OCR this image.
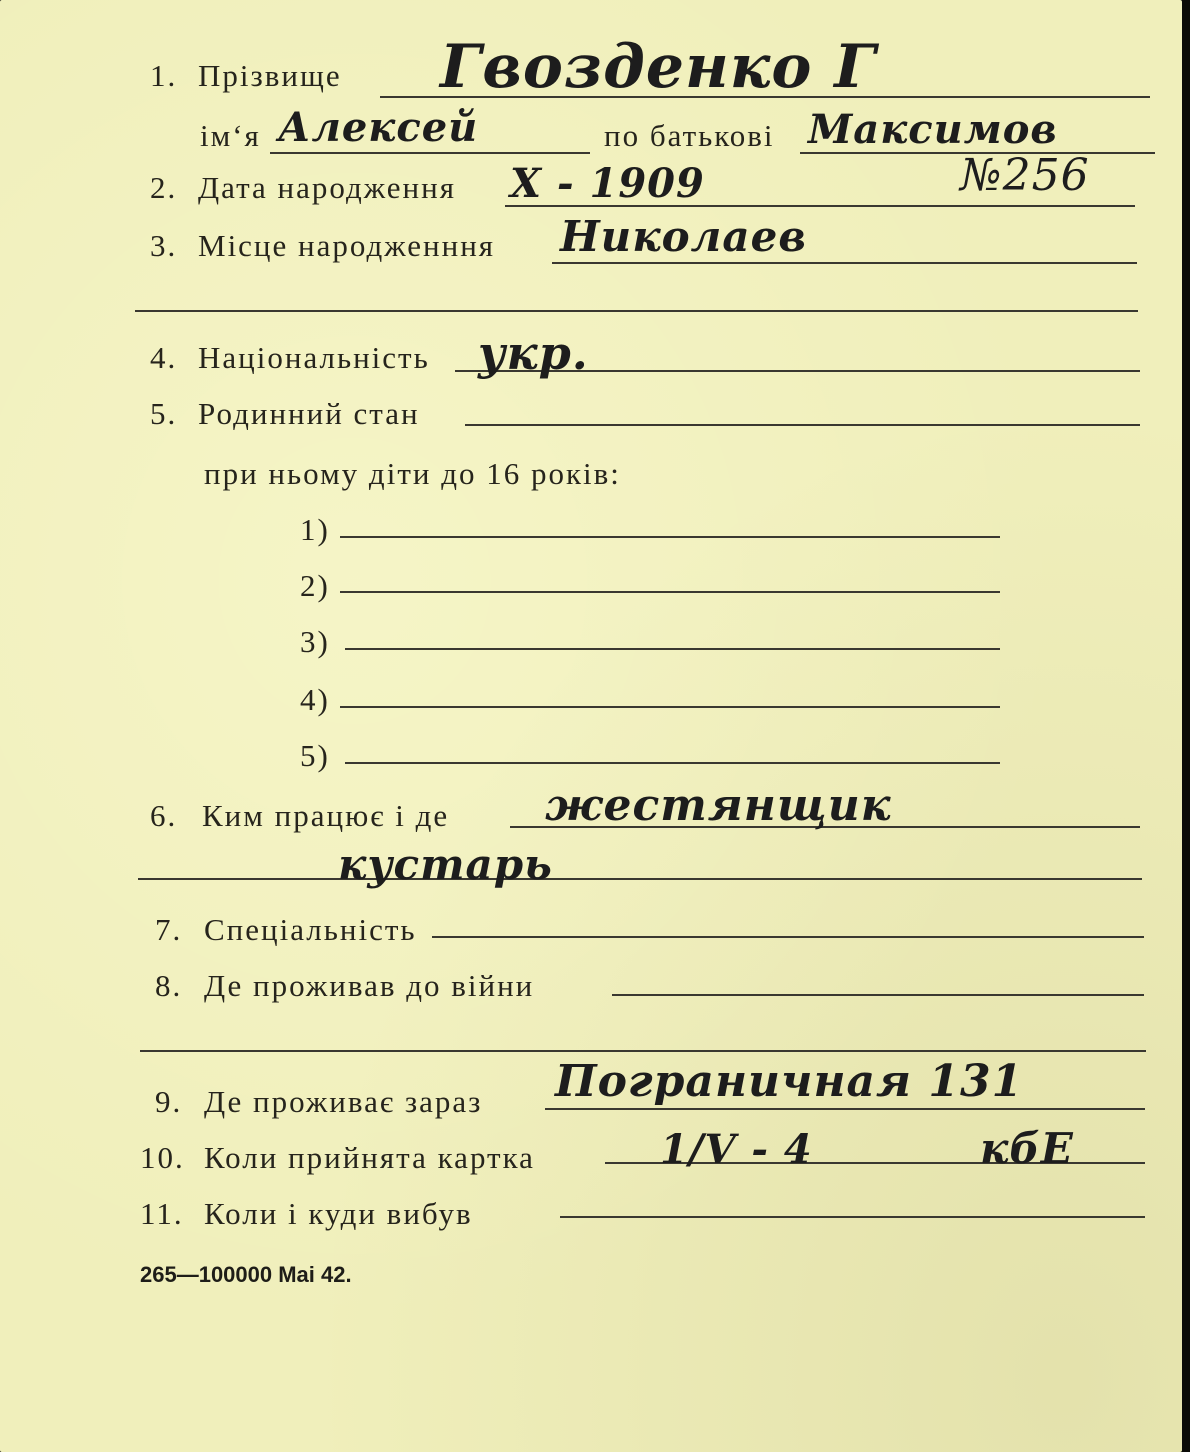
1. Прізвище Гвозденко Г
ім‘я Алексей	по батькові Максимов
2. Дата народження X - 1909	№256
3. Місце народженння Николаев
4. Національність укр.
5. Родинний стан
при ньому діти до 16 років:
1)
2)
3)
4)
5)
6. Ким працює і де жестянщик
кустарь
7. Спеціальність
8. Де проживав до війни
9. Де проживає зараз Пограничная 131
10. Коли прийнята картка	1/V - 4	кбЕ
11. Коли і куди вибув
265—100000 Mai 42.
